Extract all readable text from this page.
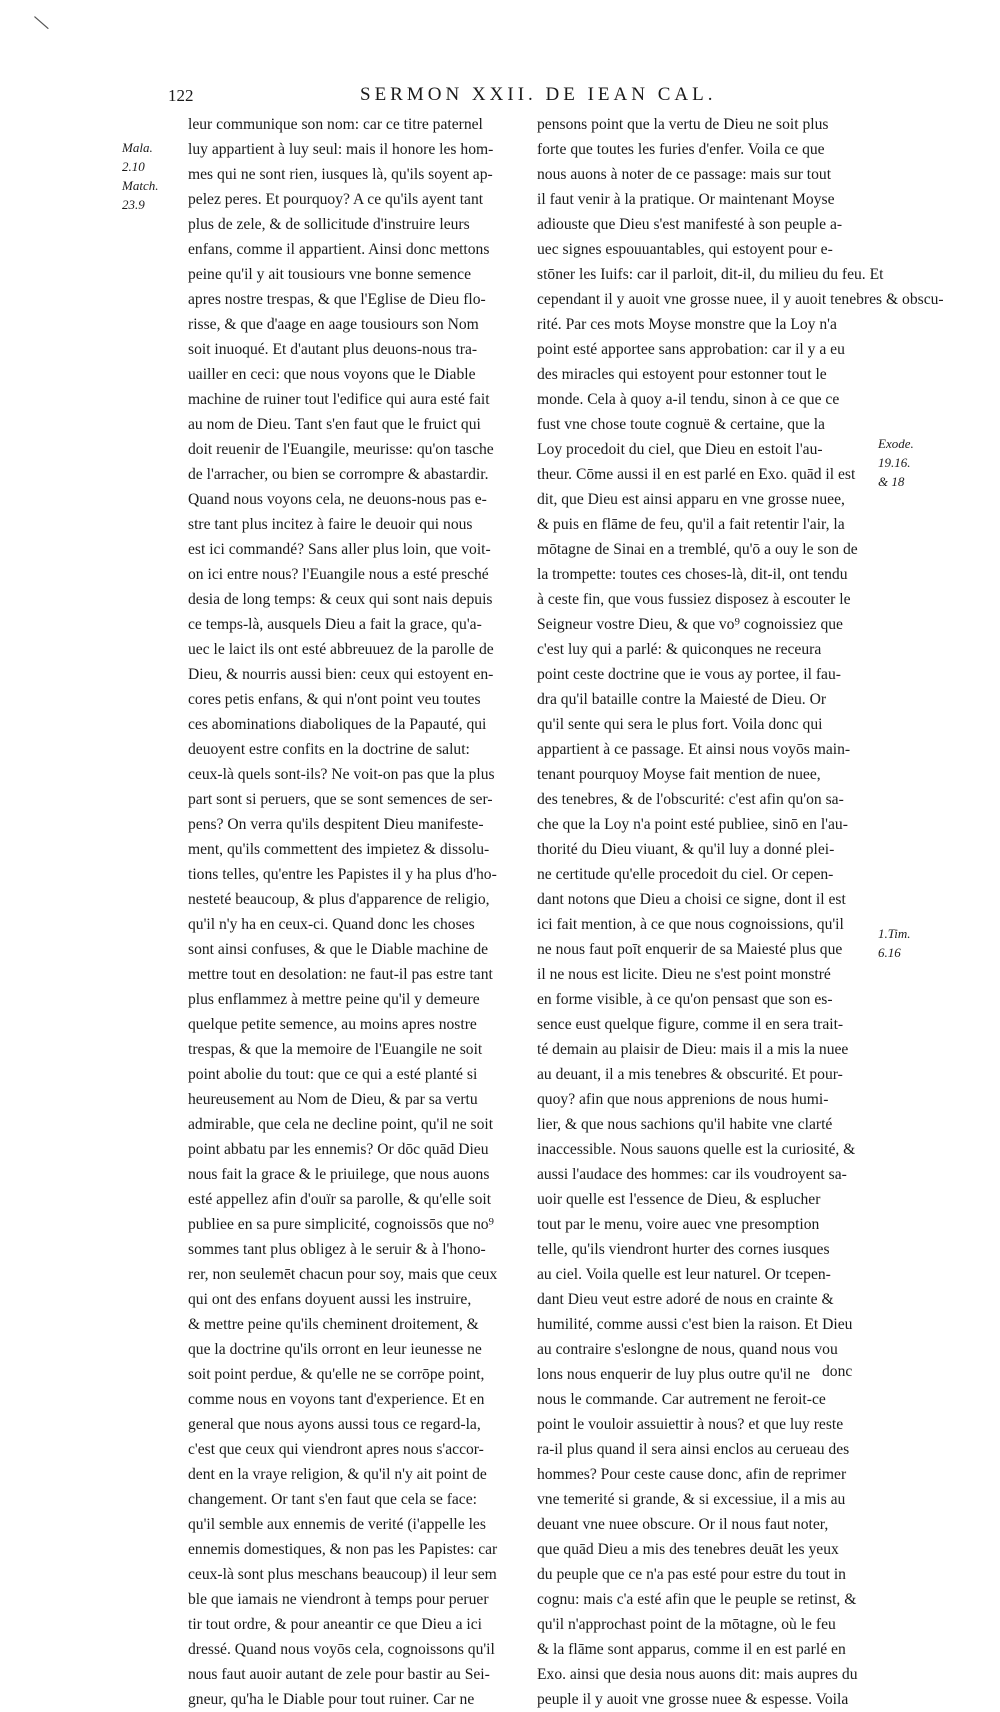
\
122	SERMON XXII. DE IEAN CAL.
Mala.
2.10
Match.
23.9
Exode.
19.16.
& 18
1.Tim.
6.16
leur communique son nom: car ce titre paternel
luy appartient à luy seul: mais il honore les hom-
mes qui ne sont rien, iusques là, qu'ils soyent ap-
pelez peres. Et pourquoy? A ce qu'ils ayent tant
plus de zele, & de sollicitude d'instruire leurs
enfans, comme il appartient. Ainsi donc mettons
peine qu'il y ait tousiours vne bonne semence
apres nostre trespas, & que l'Eglise de Dieu flo-
risse, & que d'aage en aage tousiours son Nom
soit inuoqué. Et d'autant plus deuons-nous tra-
uailler en ceci: que nous voyons que le Diable
machine de ruiner tout l'edifice qui aura esté fait
au nom de Dieu. Tant s'en faut que le fruict qui
doit reuenir de l'Euangile, meurisse: qu'on tasche
de l'arracher, ou bien se corrompre & abastardir.
Quand nous voyons cela, ne deuons-nous pas e-
stre tant plus incitez à faire le deuoir qui nous
est ici commandé? Sans aller plus loin, que voit-
on ici entre nous? l'Euangile nous a esté presché
desia de long temps: & ceux qui sont nais depuis
ce temps-là, ausquels Dieu a fait la grace, qu'a-
uec le laict ils ont esté abbreuuez de la parolle de
Dieu, & nourris aussi bien: ceux qui estoyent en-
cores petis enfans, & qui n'ont point veu toutes
ces abominations diaboliques de la Papauté, qui
deuoyent estre confits en la doctrine de salut:
ceux-là quels sont-ils? Ne voit-on pas que la plus
part sont si peruers, que se sont semences de ser-
pens? On verra qu'ils despitent Dieu manifeste-
ment, qu'ils commettent des impietez & dissolu-
tions telles, qu'entre les Papistes il y ha plus d'ho-
nesteté beaucoup, & plus d'apparence de religio,
qu'il n'y ha en ceux-ci. Quand donc les choses
sont ainsi confuses, & que le Diable machine de
mettre tout en desolation: ne faut-il pas estre tant
plus enflammez à mettre peine qu'il y demeure
quelque petite semence, au moins apres nostre
trespas, & que la memoire de l'Euangile ne soit
point abolie du tout: que ce qui a esté planté si
heureusement au Nom de Dieu, & par sa vertu
admirable, que cela ne decline point, qu'il ne soit
point abbatu par les ennemis? Or dōc quād Dieu
nous fait la grace & le priuilege, que nous auons
esté appellez afin d'ouïr sa parolle, & qu'elle soit
publiee en sa pure simplicité, cognoissōs que no⁹
sommes tant plus obligez à le seruir & à l'hono-
rer, non seulemēt chacun pour soy, mais que ceux
qui ont des enfans doyuent aussi les instruire,
& mettre peine qu'ils cheminent droitement, &
que la doctrine qu'ils orront en leur ieunesse ne
soit point perdue, & qu'elle ne se corrōpe point,
comme nous en voyons tant d'experience. Et en
general que nous ayons aussi tous ce regard-la,
c'est que ceux qui viendront apres nous s'accor-
dent en la vraye religion, & qu'il n'y ait point de
changement. Or tant s'en faut que cela se face:
qu'il semble aux ennemis de verité (i'appelle les
ennemis domestiques, & non pas les Papistes: car
ceux-là sont plus meschans beaucoup) il leur sem
ble que iamais ne viendront à temps pour peruer
tir tout ordre, & pour aneantir ce que Dieu a ici
dressé. Quand nous voyōs cela, cognoissons qu'il
nous faut auoir autant de zele pour bastir au Sei-
gneur, qu'ha le Diable pour tout ruiner. Car ne
pensons point que la vertu de Dieu ne soit plus
forte que toutes les furies d'enfer. Voila ce que
nous auons à noter de ce passage: mais sur tout
il faut venir à la pratique. Or maintenant Moyse
adiouste que Dieu s'est manifesté à son peuple a-
uec signes espouuantables, qui estoyent pour e-
stōner les Iuifs: car il parloit, dit-il, du milieu du feu. Et
cependant il y auoit vne grosse nuee, il y auoit tenebres & obscu-
rité. Par ces mots Moyse monstre que la Loy n'a
point esté apportee sans approbation: car il y a eu
des miracles qui estoyent pour estonner tout le
monde. Cela à quoy a-il tendu, sinon à ce que ce
fust vne chose toute cognuë & certaine, que la
Loy procedoit du ciel, que Dieu en estoit l'au-
theur. Cōme aussi il en est parlé en Exo. quād il est
dit, que Dieu est ainsi apparu en vne grosse nuee,
& puis en flāme de feu, qu'il a fait retentir l'air, la
mōtagne de Sinai en a tremblé, qu'ō a ouy le son de
la trompette: toutes ces choses-là, dit-il, ont tendu
à ceste fin, que vous fussiez disposez à escouter le
Seigneur vostre Dieu, & que vo⁹ cognoissiez que
c'est luy qui a parlé: & quiconques ne receura
point ceste doctrine que ie vous ay portee, il fau-
dra qu'il bataille contre la Maiesté de Dieu. Or
qu'il sente qui sera le plus fort. Voila donc qui
appartient à ce passage. Et ainsi nous voyōs main-
tenant pourquoy Moyse fait mention de nuee,
des tenebres, & de l'obscurité: c'est afin qu'on sa-
che que la Loy n'a point esté publiee, sinō en l'au-
thorité du Dieu viuant, & qu'il luy a donné plei-
ne certitude qu'elle procedoit du ciel. Or cepen-
dant notons que Dieu a choisi ce signe, dont il est
ici fait mention, à ce que nous cognoissions, qu'il
ne nous faut poīt enquerir de sa Maiesté plus que
il ne nous est licite. Dieu ne s'est point monstré
en forme visible, à ce qu'on pensast que son es-
sence eust quelque figure, comme il en sera trait-
té demain au plaisir de Dieu: mais il a mis la nuee
au deuant, il a mis tenebres & obscurité. Et pour-
quoy? afin que nous apprenions de nous humi-
lier, & que nous sachions qu'il habite vne clarté
inaccessible. Nous sauons quelle est la curiosité, &
aussi l'audace des hommes: car ils voudroyent sa-
uoir quelle est l'essence de Dieu, & esplucher
tout par le menu, voire auec vne presomption
telle, qu'ils viendront hurter des cornes iusques
au ciel. Voila quelle est leur naturel. Or tcepen-
dant Dieu veut estre adoré de nous en crainte &
humilité, comme aussi c'est bien la raison. Et Dieu
au contraire s'eslongne de nous, quand nous vou
lons nous enquerir de luy plus outre qu'il ne
nous le commande. Car autrement ne feroit-ce
point le vouloir assuiettir à nous? et que luy reste
ra-il plus quand il sera ainsi enclos au cerueau des
hommes? Pour ceste cause donc, afin de reprimer
vne temerité si grande, & si excessiue, il a mis au
deuant vne nuee obscure. Or il nous faut noter,
que quād Dieu a mis des tenebres deuāt les yeux
du peuple que ce n'a pas esté pour estre du tout in
cognu: mais c'a esté afin que le peuple se retinst, &
qu'il n'approchast point de la mōtagne, où le feu
& la flāme sont apparus, comme il en est parlé en
Exo. ainsi que desia nous auons dit: mais aupres du
peuple il y auoit vne grosse nuee & espesse. Voila
donc
